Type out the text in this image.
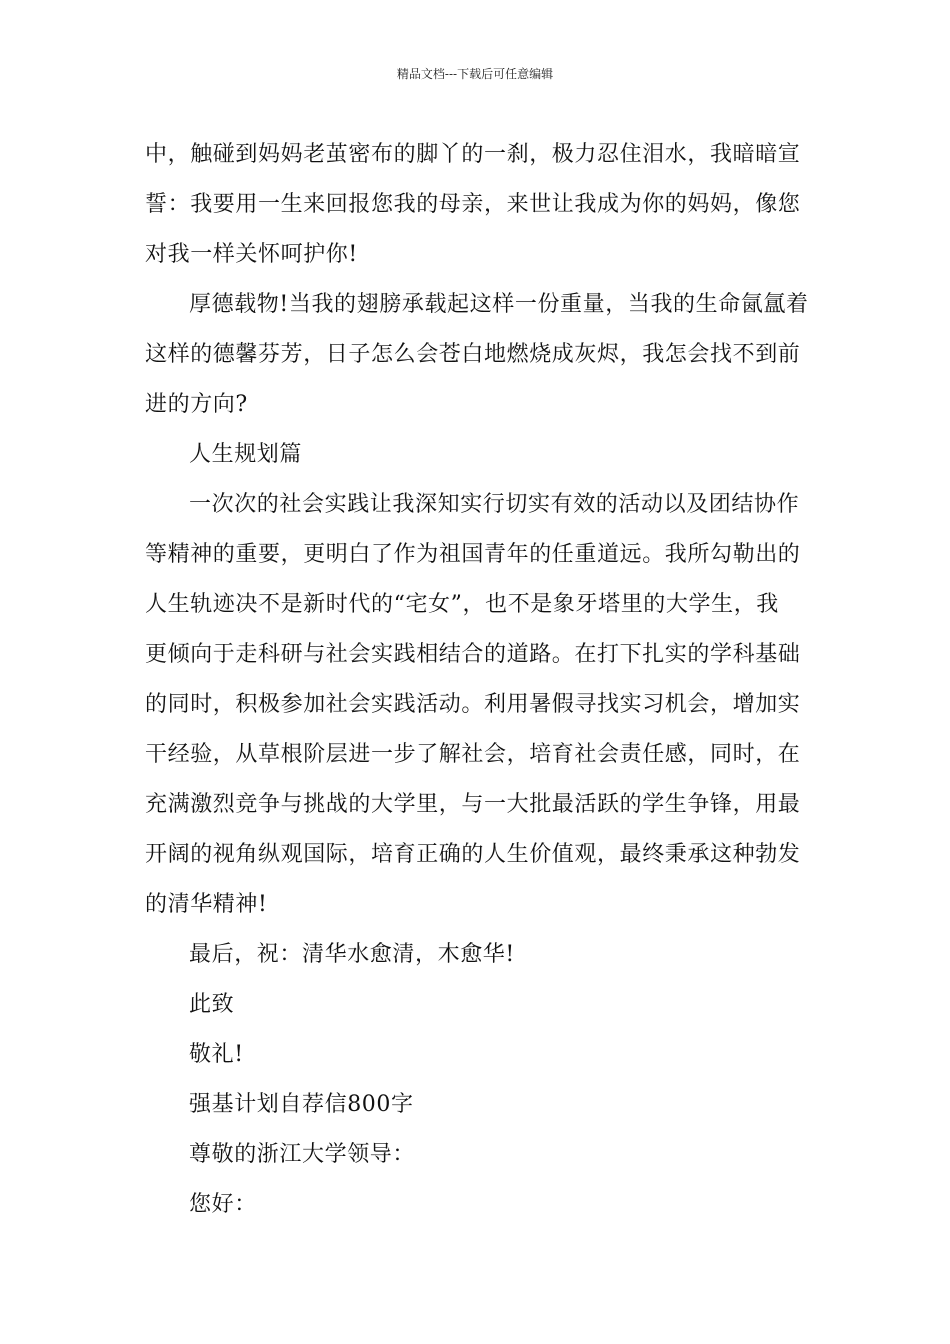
精品文档---下载后可任意编辑
中，触碰到妈妈老茧密布的脚丫的一刹，极力忍住泪水，我暗暗宣
誓：我要用一生来回报您我的母亲，来世让我成为你的妈妈，像您
对我一样关怀呵护你!
厚德载物!当我的翅膀承载起这样一份重量，当我的生命氤氲着
这样的德馨芬芳，日子怎么会苍白地燃烧成灰烬，我怎会找不到前
进的方向?
人生规划篇
一次次的社会实践让我深知实行切实有效的活动以及团结协作
等精神的重要，更明白了作为祖国青年的任重道远。我所勾勒出的
人生轨迹决不是新时代的“宅女”，也不是象牙塔里的大学生，我
更倾向于走科研与社会实践相结合的道路。在打下扎实的学科基础
的同时，积极参加社会实践活动。利用暑假寻找实习机会，增加实
干经验，从草根阶层进一步了解社会，培育社会责任感，同时，在
充满激烈竞争与挑战的大学里，与一大批最活跃的学生争锋，用最
开阔的视角纵观国际，培育正确的人生价值观，最终秉承这种勃发
的清华精神!
最后，祝：清华水愈清，木愈华!
此致
敬礼!
强基计划自荐信800字
尊敬的浙江大学领导：
您好：
